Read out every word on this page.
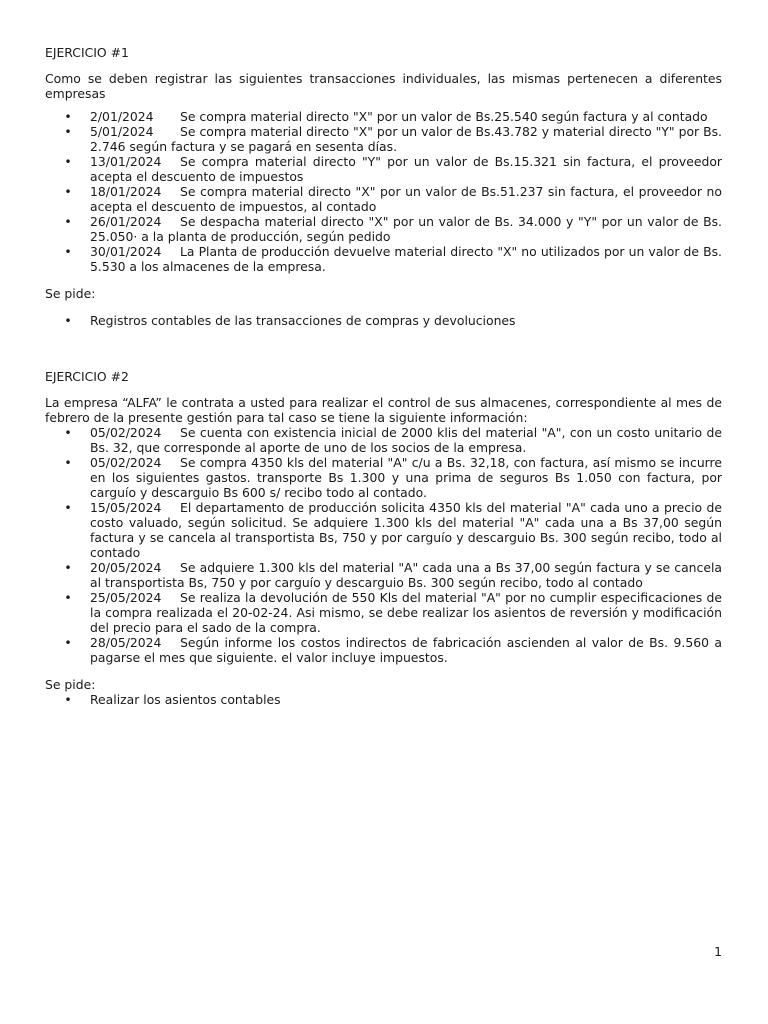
EJERCICIO #1

Como se deben registrar las siguientes transacciones individuales, las mismas pertenecen a diferentes empresas

• 2/01/2024 Se compra material directo "X" por un valor de Bs.25.540 según factura y al contado
• 5/01/2024 Se compra material directo "X" por un valor de Bs.43.782 y material directo "Y" por Bs. 2.746 según factura y se pagará en sesenta días.
• 13/01/2024 Se compra material directo "Y" por un valor de Bs.15.321 sin factura, el proveedor acepta el descuento de impuestos
• 18/01/2024 Se compra material directo "X" por un valor de Bs.51.237 sin factura, el proveedor no acepta el descuento de impuestos, al contado
• 26/01/2024 Se despacha material directo "X" por un valor de Bs. 34.000 y "Y" por un valor de Bs. 25.050· a la planta de producción, según pedido
• 30/01/2024 La Planta de producción devuelve material directo "X" no utilizados por un valor de Bs. 5.530 a los almacenes de la empresa.

Se pide:

• Registros contables de las transacciones de compras y devoluciones
EJERCICIO #2

La empresa “ALFA” le contrata a usted para realizar el control de sus almacenes, correspondiente al mes de febrero de la presente gestión para tal caso se tiene la siguiente información:

• 05/02/2024 Se cuenta con existencia inicial de 2000 klis del material "A", con un costo unitario de Bs. 32, que corresponde al aporte de uno de los socios de la empresa.
• 05/02/2024 Se compra 4350 kls del material "A" c/u a Bs. 32,18, con factura, así mismo se incurre en los siguientes gastos. transporte Bs 1.300 y una prima de seguros Bs 1.050 con factura, por carguío y descarguio Bs 600 s/ recibo todo al contado.
• 15/05/2024 El departamento de producción solicita 4350 kls del material "A" cada uno a precio de costo valuado, según solicitud. Se adquiere 1.300 kls del material "A" cada una a Bs 37,00 según factura y se cancela al transportista Bs, 750 y por carguío y descarguio Bs. 300 según recibo, todo al contado
• 20/05/2024 Se adquiere 1.300 kls del material "A" cada una a Bs 37,00 según factura y se cancela al transportista Bs, 750 y por carguío y descarguio Bs. 300 según recibo, todo al contado
• 25/05/2024 Se realiza la devolución de 550 Kls del material "A" por no cumplir especificaciones de la compra realizada el 20-02-24. Asi mismo, se debe realizar los asientos de reversión y modificación del precio para el sado de la compra.
• 28/05/2024 Según informe los costos indirectos de fabricación ascienden al valor de Bs. 9.560 a pagarse el mes que siguiente. el valor incluye impuestos.

Se pide:

• Realizar los asientos contables
1
